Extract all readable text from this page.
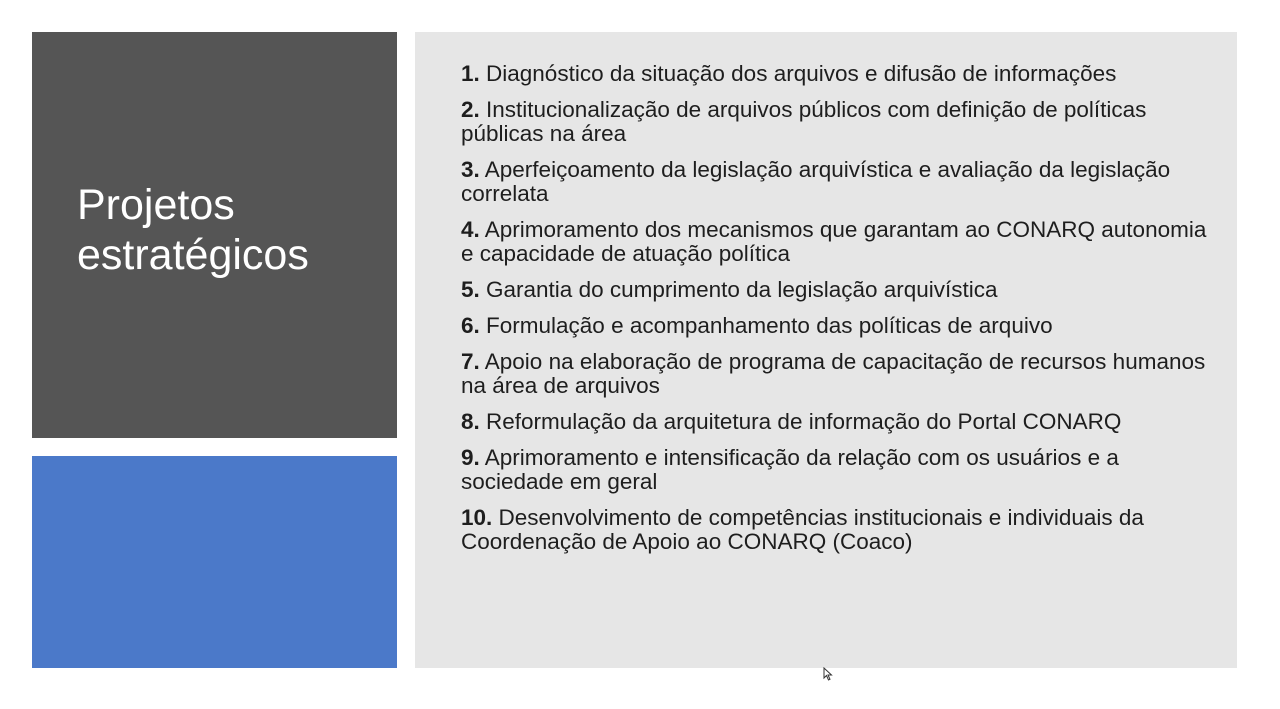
Projetos
estratégicos
1. Diagnóstico da situação dos arquivos e difusão de informações
2. Institucionalização de arquivos públicos com definição de políticas públicas na área
3. Aperfeiçoamento da legislação arquivística e avaliação da legislação correlata
4. Aprimoramento dos mecanismos que garantam ao CONARQ autonomia e capacidade de atuação política
5. Garantia do cumprimento da legislação arquivística
6. Formulação e acompanhamento das políticas de arquivo
7. Apoio na elaboração de programa de capacitação de recursos humanos na área de arquivos
8. Reformulação da arquitetura de informação do Portal CONARQ
9. Aprimoramento e intensificação da relação com os usuários e a sociedade em geral
10. Desenvolvimento de competências institucionais e individuais da Coordenação de Apoio ao CONARQ (Coaco)
